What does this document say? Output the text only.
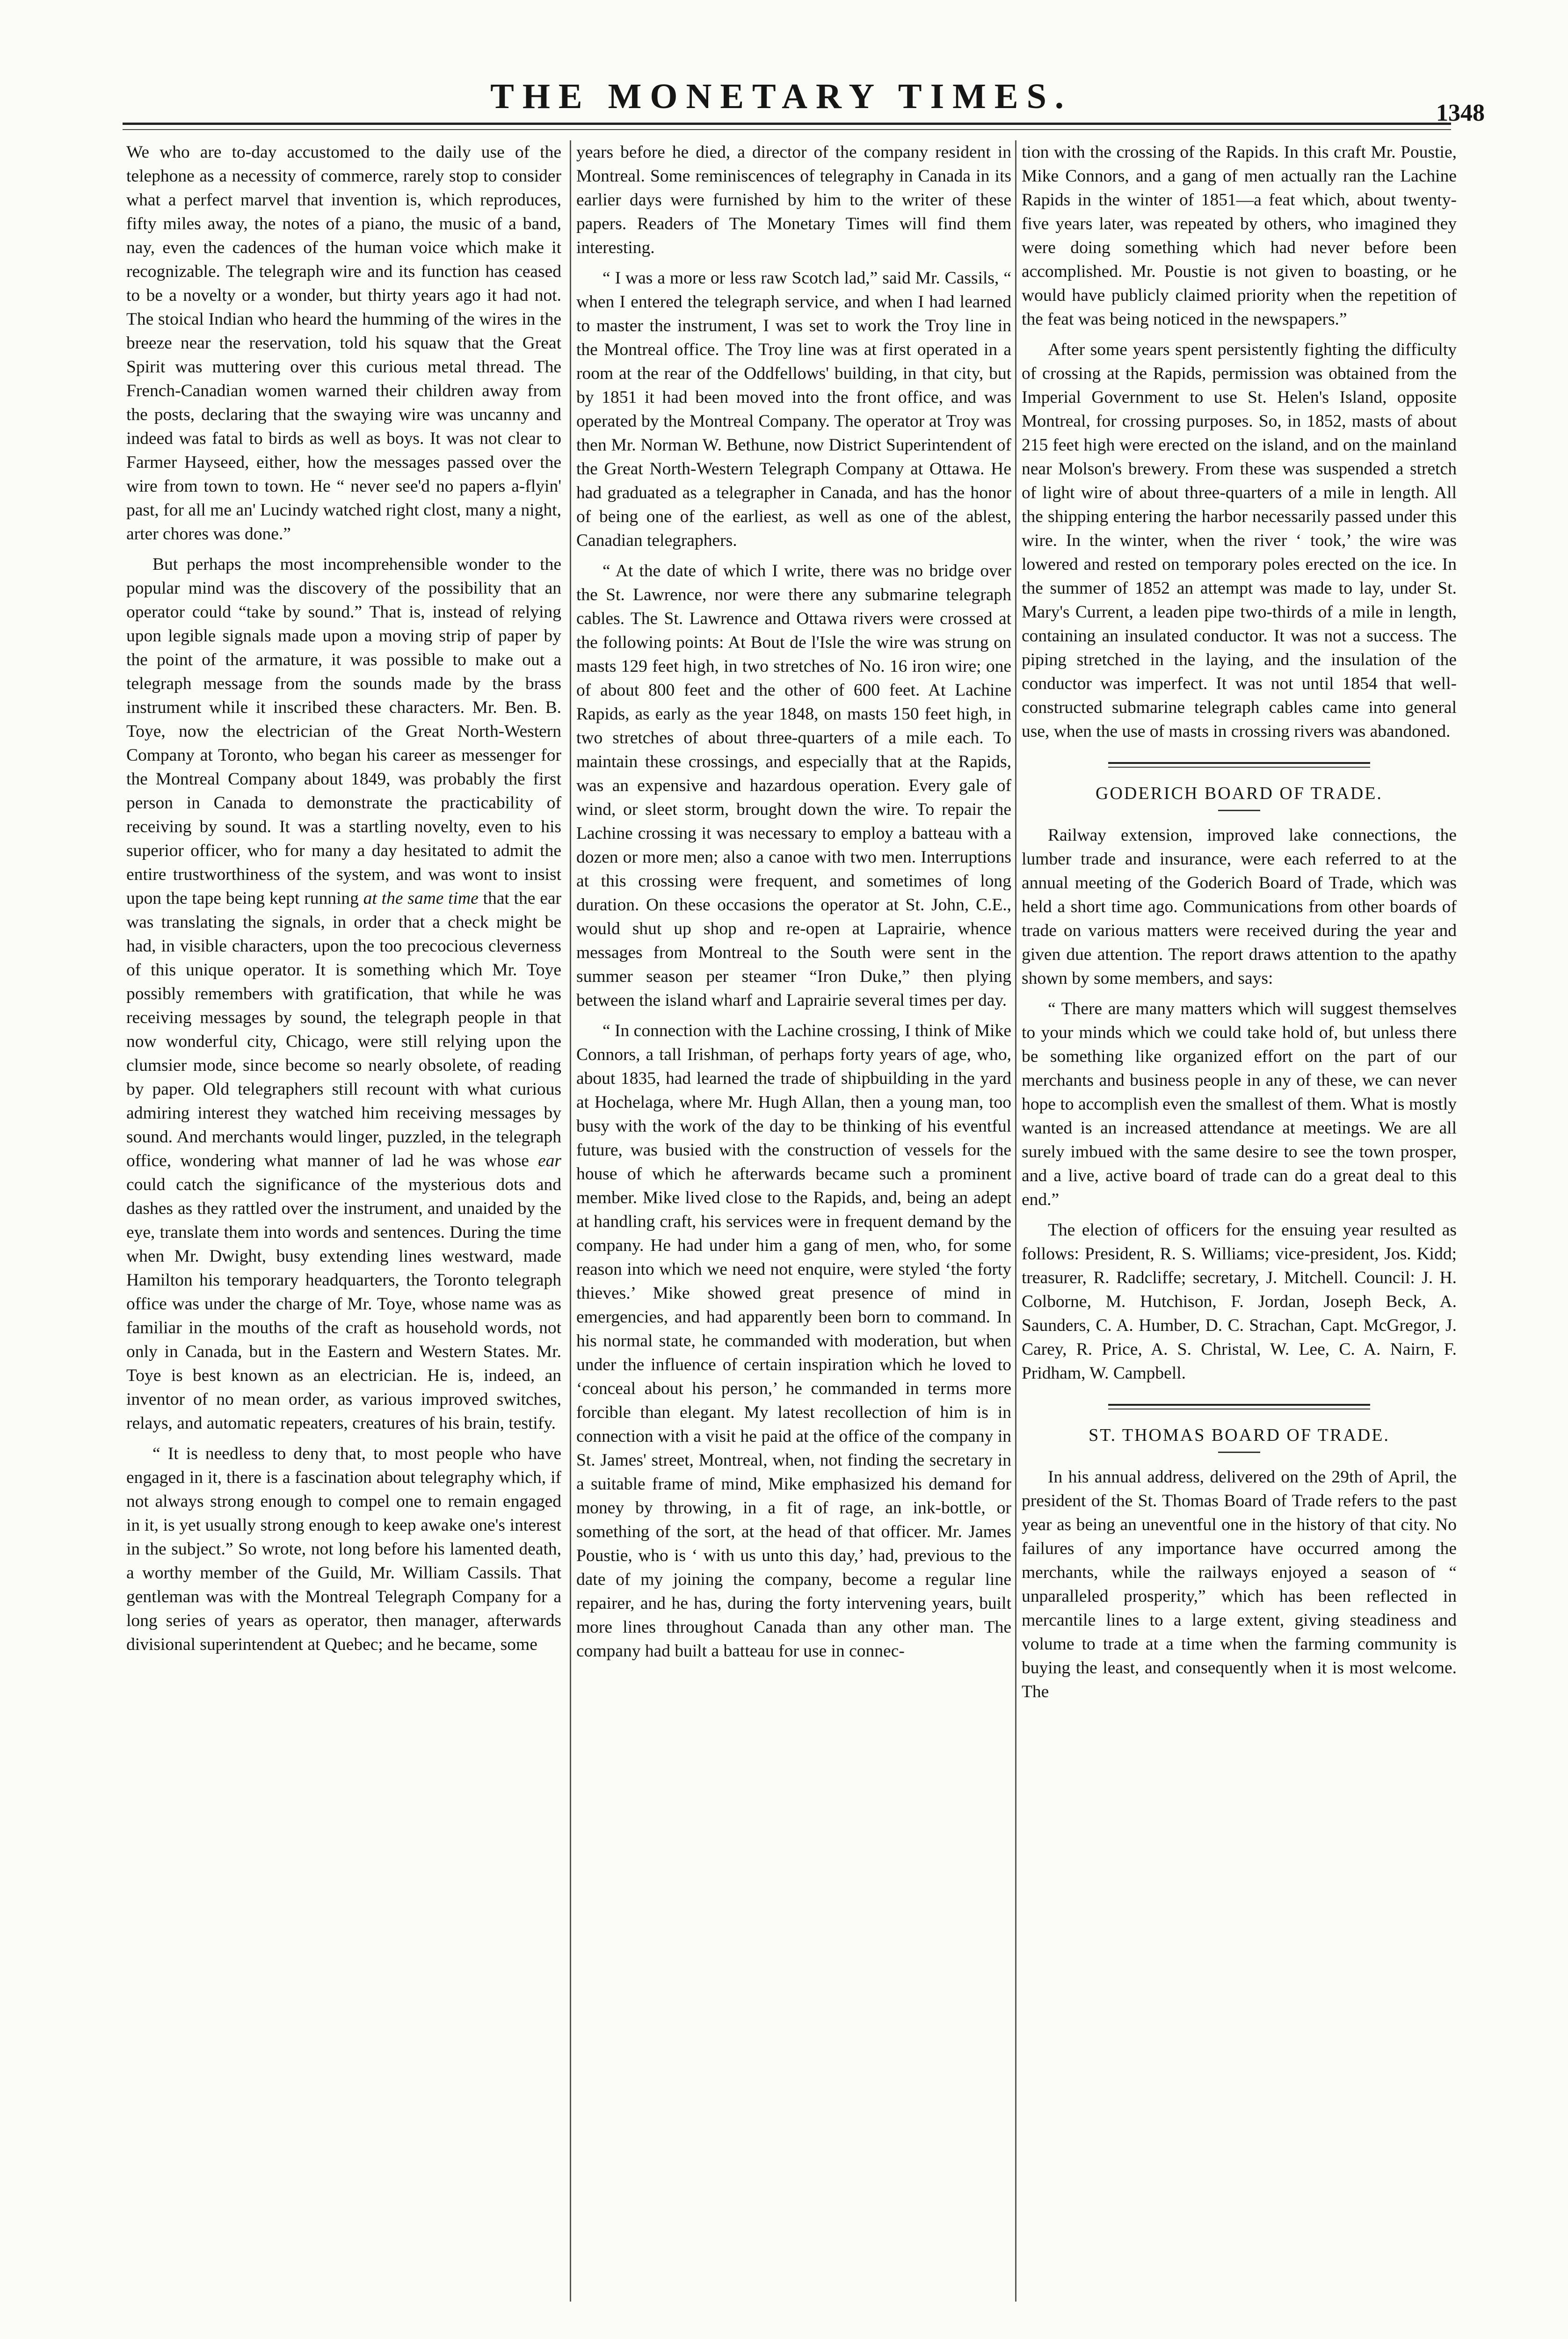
THE MONETARY TIMES.	1348

We who are to-day accustomed to the daily use of the telephone as a necessity of commerce, rarely stop to consider what a perfect marvel that invention is, which reproduces, fifty miles away, the notes of a piano, the music of a band, nay, even the cadences of the human voice which make it recognizable. The telegraph wire and its function has ceased to be a novelty or a wonder, but thirty years ago it had not. The stoical Indian who heard the humming of the wires in the breeze near the reservation, told his squaw that the Great Spirit was muttering over this curious metal thread. The French-Canadian women warned their children away from the posts, declaring that the swaying wire was uncanny and indeed was fatal to birds as well as boys. It was not clear to Farmer Hayseed, either, how the messages passed over the wire from town to town. He “ never see'd no papers a-flyin' past, for all me an' Lucindy watched right clost, many a night, arter chores was done.”

But perhaps the most incomprehensible wonder to the popular mind was the discovery of the possibility that an operator could “take by sound.” That is, instead of relying upon legible signals made upon a moving strip of paper by the point of the armature, it was possible to make out a telegraph message from the sounds made by the brass instrument while it inscribed these characters. Mr. Ben. B. Toye, now the electrician of the Great North-Western Company at Toronto, who began his career as messenger for the Montreal Company about 1849, was probably the first person in Canada to demonstrate the practicability of receiving by sound. It was a startling novelty, even to his superior officer, who for many a day hesitated to admit the entire trustworthiness of the system, and was wont to insist upon the tape being kept running at the same time that the ear was translating the signals, in order that a check might be had, in visible characters, upon the too precocious cleverness of this unique operator. It is something which Mr. Toye possibly remembers with gratification, that while he was receiving messages by sound, the telegraph people in that now wonderful city, Chicago, were still relying upon the clumsier mode, since become so nearly obsolete, of reading by paper. Old telegraphers still recount with what curious admiring interest they watched him receiving messages by sound. And merchants would linger, puzzled, in the telegraph office, wondering what manner of lad he was whose ear could catch the significance of the mysterious dots and dashes as they rattled over the instrument, and unaided by the eye, translate them into words and sentences. During the time when Mr. Dwight, busy extending lines westward, made Hamilton his temporary headquarters, the Toronto telegraph office was under the charge of Mr. Toye, whose name was as familiar in the mouths of the craft as household words, not only in Canada, but in the Eastern and Western States. Mr. Toye is best known as an electrician. He is, indeed, an inventor of no mean order, as various improved switches, relays, and automatic repeaters, creatures of his brain, testify.

“ It is needless to deny that, to most people who have engaged in it, there is a fascination about telegraphy which, if not always strong enough to compel one to remain engaged in it, is yet usually strong enough to keep awake one's interest in the subject.” So wrote, not long before his lamented death, a worthy member of the Guild, Mr. William Cassils. That gentleman was with the Montreal Telegraph Company for a long series of years as operator, then manager, afterwards divisional superintendent at Quebec; and he became, some

years before he died, a director of the company resident in Montreal. Some reminiscences of telegraphy in Canada in its earlier days were furnished by him to the writer of these papers. Readers of The Monetary Times will find them interesting.

“ I was a more or less raw Scotch lad,” said Mr. Cassils, “ when I entered the telegraph service, and when I had learned to master the instrument, I was set to work the Troy line in the Montreal office. The Troy line was at first operated in a room at the rear of the Oddfellows' building, in that city, but by 1851 it had been moved into the front office, and was operated by the Montreal Company. The operator at Troy was then Mr. Norman W. Bethune, now District Superintendent of the Great North-Western Telegraph Company at Ottawa. He had graduated as a telegrapher in Canada, and has the honor of being one of the earliest, as well as one of the ablest, Canadian telegraphers.

“ At the date of which I write, there was no bridge over the St. Lawrence, nor were there any submarine telegraph cables. The St. Lawrence and Ottawa rivers were crossed at the following points: At Bout de l'Isle the wire was strung on masts 129 feet high, in two stretches of No. 16 iron wire; one of about 800 feet and the other of 600 feet. At Lachine Rapids, as early as the year 1848, on masts 150 feet high, in two stretches of about three-quarters of a mile each. To maintain these crossings, and especially that at the Rapids, was an expensive and hazardous operation. Every gale of wind, or sleet storm, brought down the wire. To repair the Lachine crossing it was necessary to employ a batteau with a dozen or more men; also a canoe with two men. Interruptions at this crossing were frequent, and sometimes of long duration. On these occasions the operator at St. John, C.E., would shut up shop and re-open at Laprairie, whence messages from Montreal to the South were sent in the summer season per steamer “Iron Duke,” then plying between the island wharf and Laprairie several times per day.

“ In connection with the Lachine crossing, I think of Mike Connors, a tall Irishman, of perhaps forty years of age, who, about 1835, had learned the trade of shipbuilding in the yard at Hochelaga, where Mr. Hugh Allan, then a young man, too busy with the work of the day to be thinking of his eventful future, was busied with the construction of vessels for the house of which he afterwards became such a prominent member. Mike lived close to the Rapids, and, being an adept at handling craft, his services were in frequent demand by the company. He had under him a gang of men, who, for some reason into which we need not enquire, were styled ‘the forty thieves.’ Mike showed great presence of mind in emergencies, and had apparently been born to command. In his normal state, he commanded with moderation, but when under the influence of certain inspiration which he loved to ‘conceal about his person,’ he commanded in terms more forcible than elegant. My latest recollection of him is in connection with a visit he paid at the office of the company in St. James' street, Montreal, when, not finding the secretary in a suitable frame of mind, Mike emphasized his demand for money by throwing, in a fit of rage, an ink-bottle, or something of the sort, at the head of that officer. Mr. James Poustie, who is ‘ with us unto this day,’ had, previous to the date of my joining the company, become a regular line repairer, and he has, during the forty intervening years, built more lines throughout Canada than any other man. The company had built a batteau for use in connec-

tion with the crossing of the Rapids. In this craft Mr. Poustie, Mike Connors, and a gang of men actually ran the Lachine Rapids in the winter of 1851—a feat which, about twenty-five years later, was repeated by others, who imagined they were doing something which had never before been accomplished. Mr. Poustie is not given to boasting, or he would have publicly claimed priority when the repetition of the feat was being noticed in the newspapers.”

After some years spent persistently fighting the difficulty of crossing at the Rapids, permission was obtained from the Imperial Government to use St. Helen's Island, opposite Montreal, for crossing purposes. So, in 1852, masts of about 215 feet high were erected on the island, and on the mainland near Molson's brewery. From these was suspended a stretch of light wire of about three-quarters of a mile in length. All the shipping entering the harbor necessarily passed under this wire. In the winter, when the river ‘ took,’ the wire was lowered and rested on temporary poles erected on the ice. In the summer of 1852 an attempt was made to lay, under St. Mary's Current, a leaden pipe two-thirds of a mile in length, containing an insulated conductor. It was not a success. The piping stretched in the laying, and the insulation of the conductor was imperfect. It was not until 1854 that well-constructed submarine telegraph cables came into general use, when the use of masts in crossing rivers was abandoned.

GODERICH BOARD OF TRADE.

Railway extension, improved lake connections, the lumber trade and insurance, were each referred to at the annual meeting of the Goderich Board of Trade, which was held a short time ago. Communications from other boards of trade on various matters were received during the year and given due attention. The report draws attention to the apathy shown by some members, and says:

“ There are many matters which will suggest themselves to your minds which we could take hold of, but unless there be something like organized effort on the part of our merchants and business people in any of these, we can never hope to accomplish even the smallest of them. What is mostly wanted is an increased attendance at meetings. We are all surely imbued with the same desire to see the town prosper, and a live, active board of trade can do a great deal to this end.”

The election of officers for the ensuing year resulted as follows: President, R. S. Williams; vice-president, Jos. Kidd; treasurer, R. Radcliffe; secretary, J. Mitchell. Council: J. H. Colborne, M. Hutchison, F. Jordan, Joseph Beck, A. Saunders, C. A. Humber, D. C. Strachan, Capt. McGregor, J. Carey, R. Price, A. S. Christal, W. Lee, C. A. Nairn, F. Pridham, W. Campbell.

ST. THOMAS BOARD OF TRADE.

In his annual address, delivered on the 29th of April, the president of the St. Thomas Board of Trade refers to the past year as being an uneventful one in the history of that city. No failures of any importance have occurred among the merchants, while the railways enjoyed a season of “ unparalleled prosperity,” which has been reflected in mercantile lines to a large extent, giving steadiness and volume to trade at a time when the farming community is buying the least, and consequently when it is most welcome. The
